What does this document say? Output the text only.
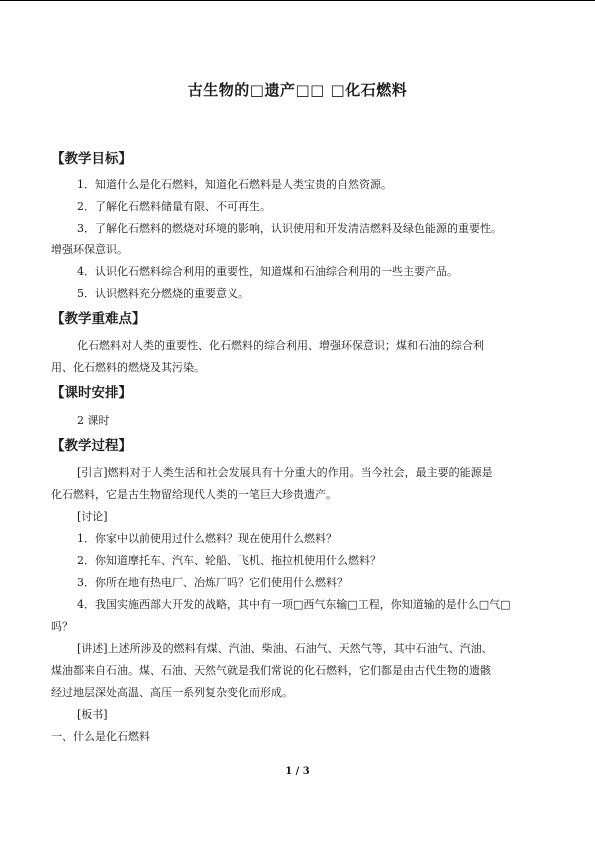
古生物的□遗产□□ □化石燃料
【教学目标】
1．知道什么是化石燃料，知道化石燃料是人类宝贵的自然资源。
2．了解化石燃料储量有限、不可再生。
3．了解化石燃料的燃烧对环境的影响，认识使用和开发清洁燃料及绿色能源的重要性。
增强环保意识。
4．认识化石燃料综合利用的重要性，知道煤和石油综合利用的一些主要产品。
5．认识燃料充分燃烧的重要意义。
【教学重难点】
化石燃料对人类的重要性、化石燃料的综合利用、增强环保意识；煤和石油的综合利
用、化石燃料的燃烧及其污染。
【课时安排】
2 课时
【教学过程】
[引言]燃料对于人类生活和社会发展具有十分重大的作用。当今社会，最主要的能源是
化石燃料，它是古生物留给现代人类的一笔巨大珍贵遗产。
[讨论]
1．你家中以前使用过什么燃料？现在使用什么燃料？
2．你知道摩托车、汽车、轮船、飞机、拖拉机使用什么燃料？
3．你所在地有热电厂、冶炼厂吗？它们使用什么燃料？
4．我国实施西部大开发的战略，其中有一项□西气东输□工程，你知道输的是什么□气□
吗？
[讲述]上述所涉及的燃料有煤、汽油、柴油、石油气、天然气等，其中石油气、汽油、
煤油都来自石油。煤、石油、天然气就是我们常说的化石燃料，它们都是由古代生物的遗骸
经过地层深处高温、高压一系列复杂变化而形成。
[板书]
一、什么是化石燃料
1 / 3
